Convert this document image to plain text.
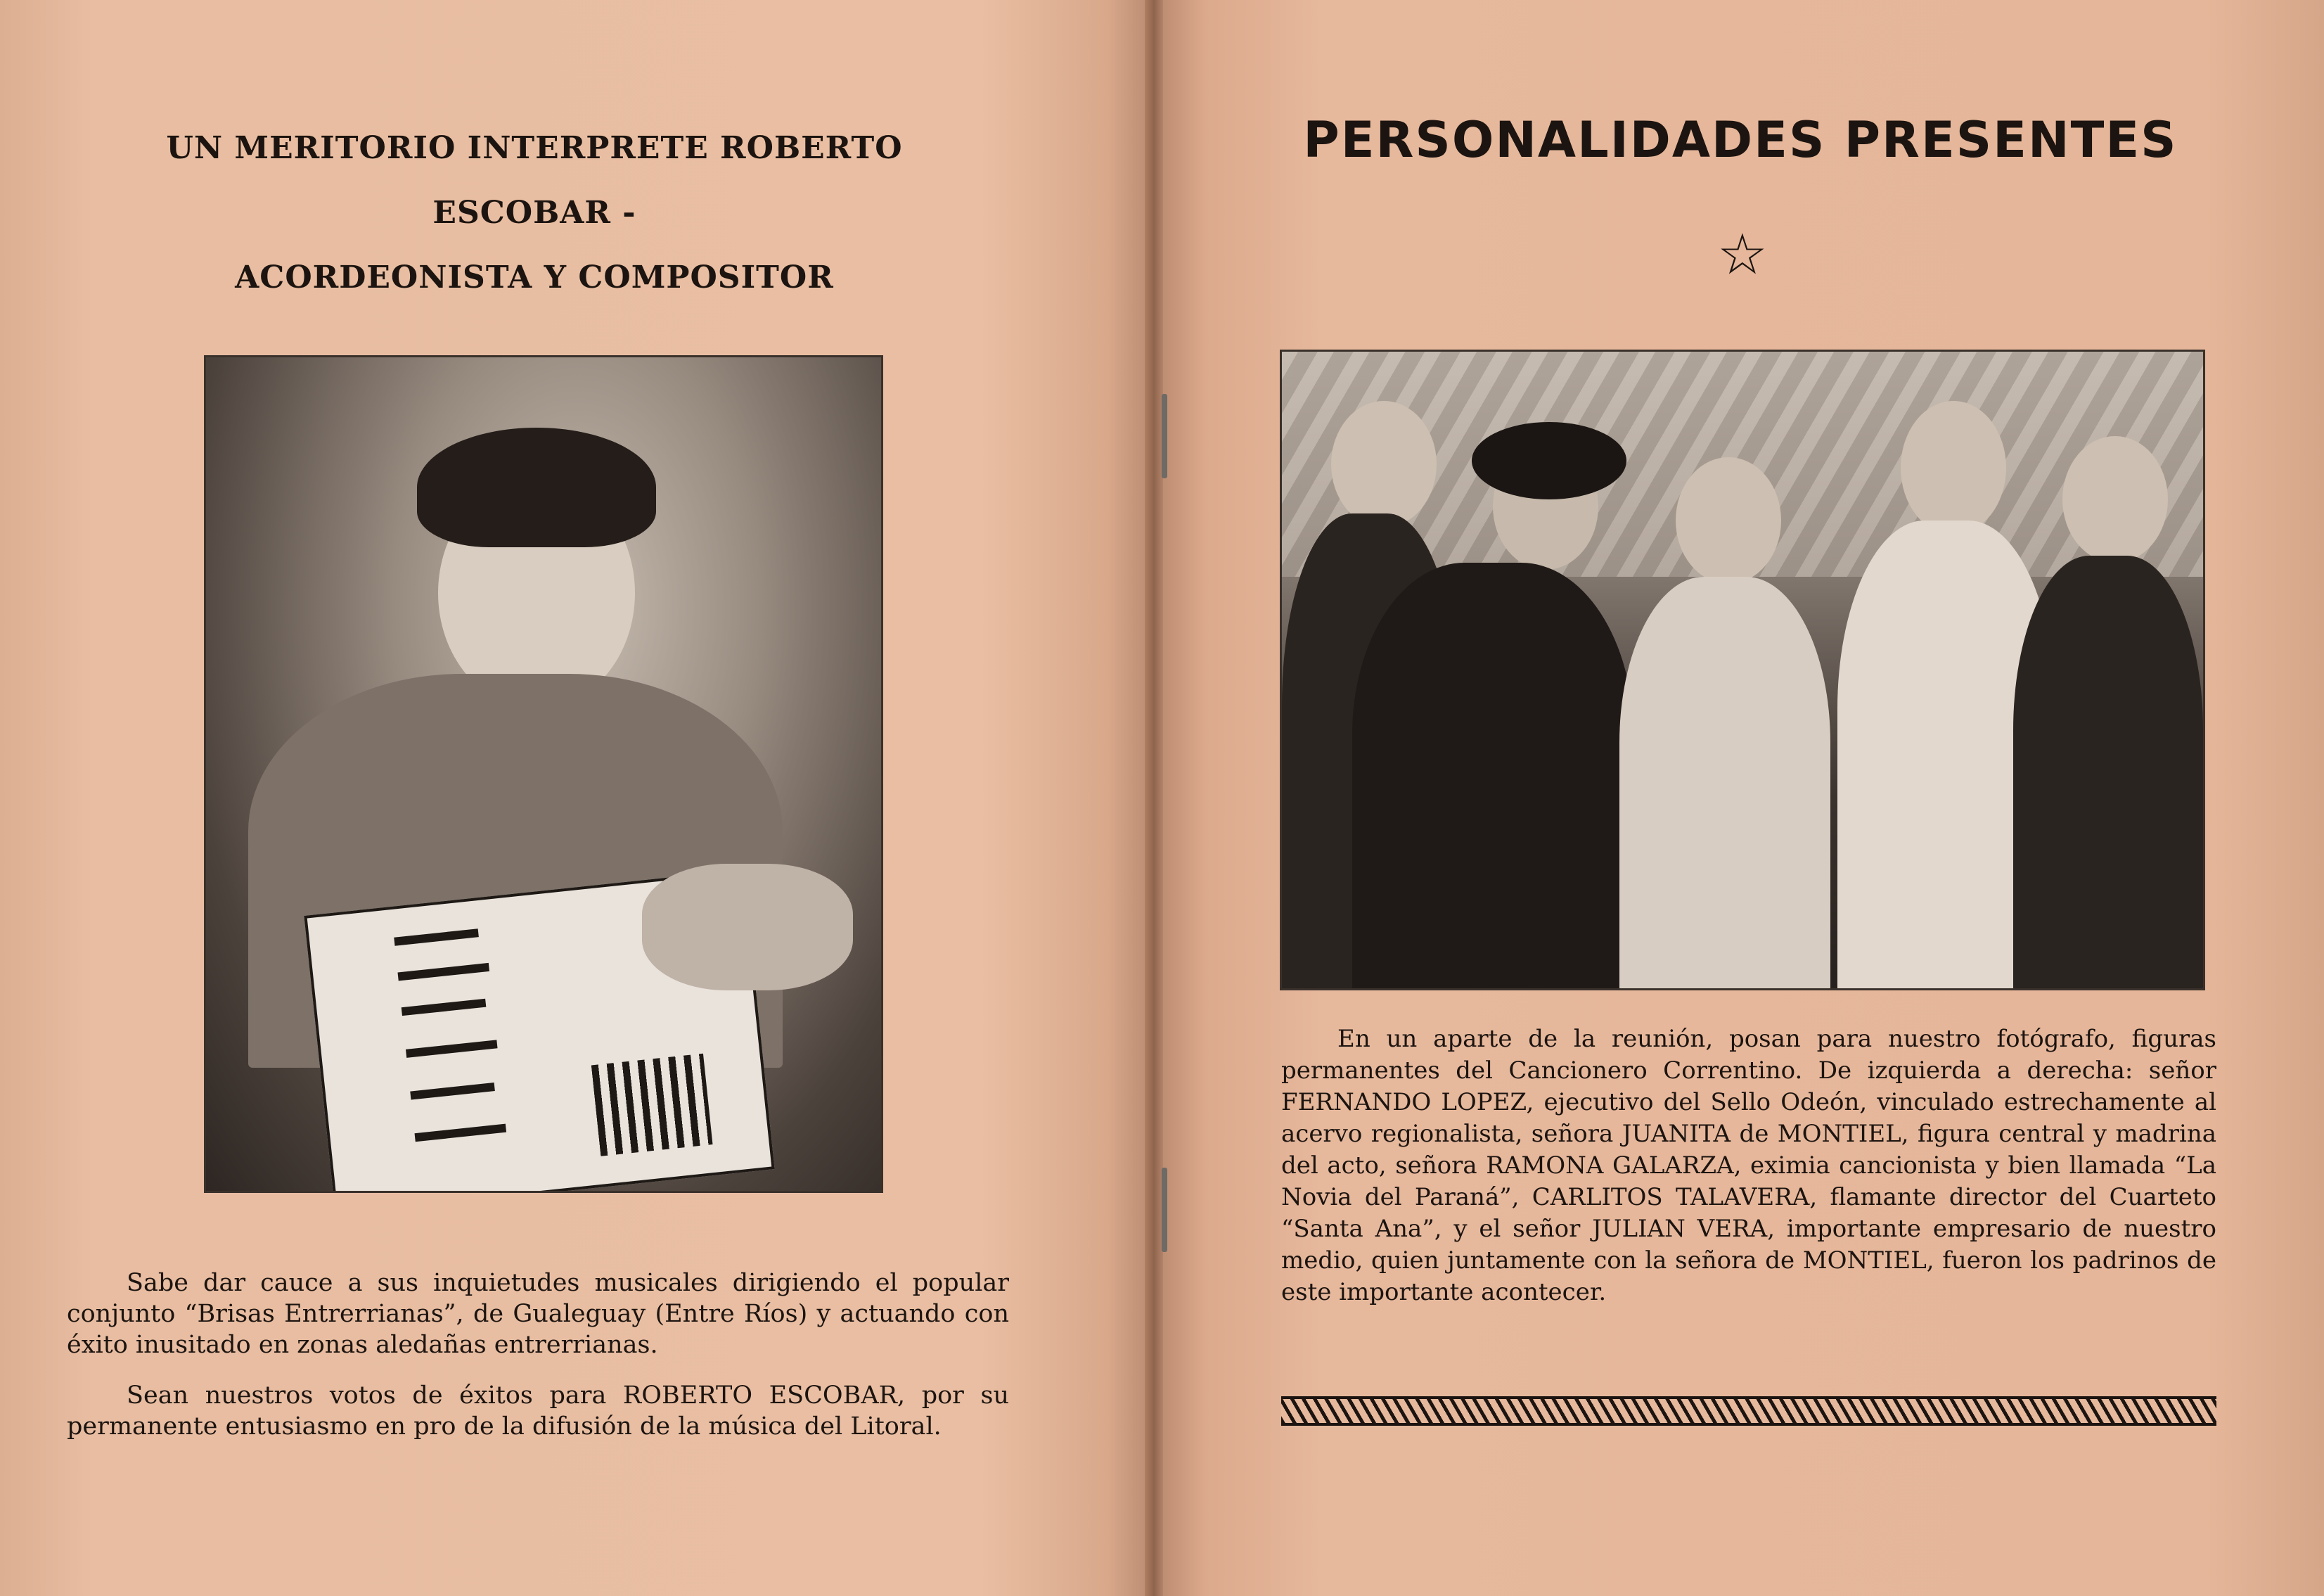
UN MERITORIO INTERPRETE ROBERTO ESCOBAR -
ACORDEONISTA Y COMPOSITOR

Sabe dar cauce a sus inquietudes musicales dirigiendo el popular conjunto “Brisas Entrerrianas”, de Gualeguay (Entre Ríos) y actuando con éxito inusitado en zonas aledañas entrerrianas.

Sean nuestros votos de éxitos para ROBERTO ESCOBAR, por su permanente entusiasmo en pro de la difusión de la música del Litoral.

PERSONALIDADES PRESENTES
☆

En un aparte de la reunión, posan para nuestro fotógrafo, figuras permanentes del Cancionero Correntino. De izquierda a derecha: señor FERNANDO LOPEZ, ejecutivo del Sello Odeón, vinculado estrechamente al acervo regionalista, señora JUANITA de MONTIEL, figura central y madrina del acto, señora RAMONA GALARZA, eximia cancionista y bien llamada “La Novia del Paraná”, CARLITOS TALAVERA, flamante director del Cuarteto “Santa Ana”, y el señor JULIAN VERA, importante empresario de nuestro medio, quien juntamente con la señora de MONTIEL, fueron los padrinos de este importante acontecer.
